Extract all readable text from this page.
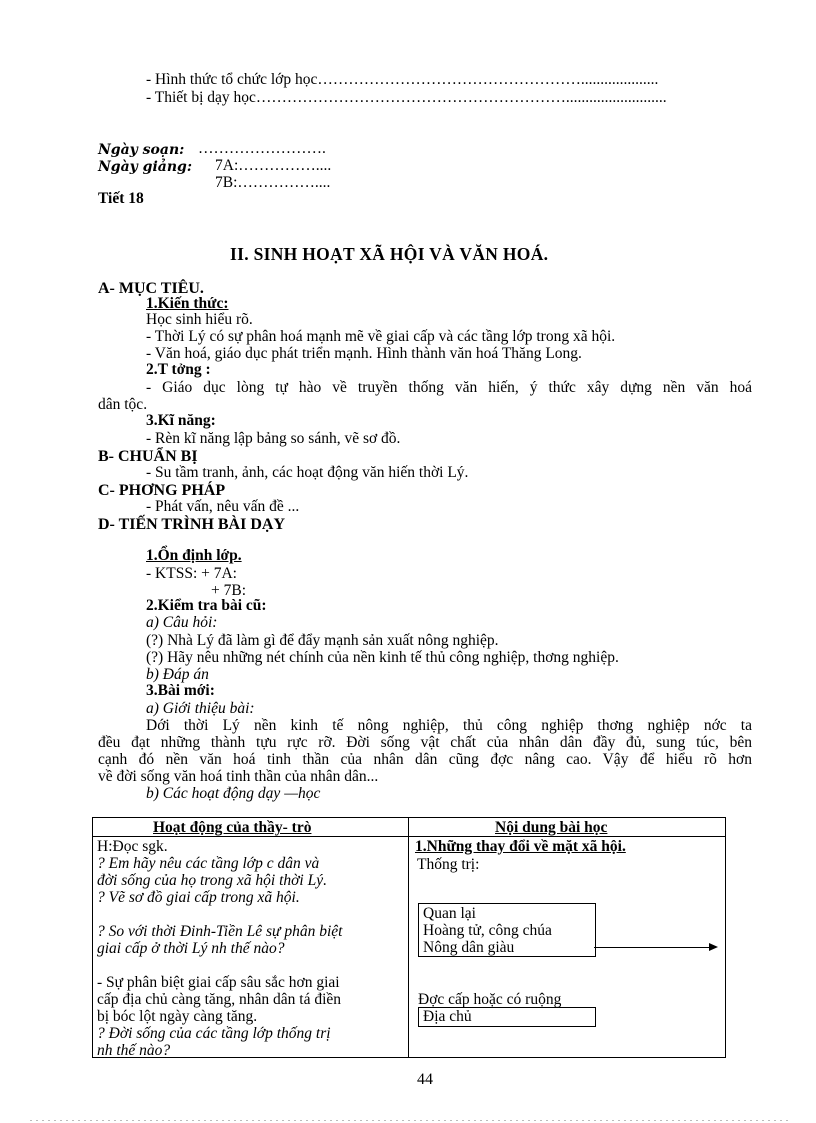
- Hình thức tổ chức lớp học……………………………………………....................
- Thiết bị dạy học……………………………………………………..........................
Ngày soạn: …………………….
Ngày giảng: 7A:……………....
7B:……………....
Tiết 18
II. SINH HOẠT XÃ HỘI VÀ VĂN HOÁ.
A- MỤC TIÊU.
1.Kiến thức:
Học sinh hiểu rõ.
- Thời Lý có sự phân hoá mạnh mẽ về giai cấp và các tầng lớp trong xã hội.
- Văn hoá, giáo dục phát triển mạnh. Hình thành văn hoá Thăng Long.
2.T tởng :
- Giáo dục lòng tự hào về truyền thống văn hiến, ý thức xây dựng nền văn hoá
dân tộc.
3.Kĩ năng:
- Rèn kĩ năng lập bảng so sánh, vẽ sơ đồ.
B- CHUẨN BỊ
- Su tầm tranh, ảnh, các hoạt động văn hiến thời Lý.
C- PHƠNG PHÁP
- Phát vấn, nêu vấn đề ...
D- TIẾN TRÌNH BÀI DẠY
1.Ổn định lớp.
- KTSS: + 7A:
+ 7B:
2.Kiểm tra bài cũ:
a) Câu hỏi:
(?) Nhà Lý đã làm gì để đẩy mạnh sản xuất nông nghiệp.
(?) Hãy nêu những nét chính của nền kinh tế thủ công nghiệp, thơng nghiệp.
b) Đáp án
3.Bài mới:
a) Giới thiệu bài:
Dới thời Lý nền kinh tế nông nghiệp, thủ công nghiệp thơng nghiệp nớc ta
đều đạt những thành tựu rực rỡ. Đời sống vật chất của nhân dân đầy đủ, sung túc, bên
cạnh đó nền văn hoá tinh thần của nhân dân cũng đợc nâng cao. Vậy để hiểu rõ hơn
về đời sống văn hoá tinh thần của nhân dân...
b) Các hoạt động dạy —học
Hoạt động của thầy- trò	Nội dung bài học
H:Đọc sgk.
? Em hãy nêu các tầng lớp c dân và
đời sống của họ trong xã hội thời Lý.
? Vẽ sơ đồ giai cấp trong xã hội.
? So với thời Đinh-Tiền Lê sự phân biệt
giai cấp ở thời Lý nh thế nào?
- Sự phân biệt giai cấp sâu sắc hơn giai
cấp địa chủ càng tăng, nhân dân tá điền
bị bóc lột ngày càng tăng.
? Đời sống của các tầng lớp thống trị
nh thế nào?
1.Những thay đổi về mặt xã hội.
Thống trị:
Quan lại
Hoàng tử, công chúa
Nông dân giàu
Đợc cấp hoặc có ruộng
Địa chủ
44
